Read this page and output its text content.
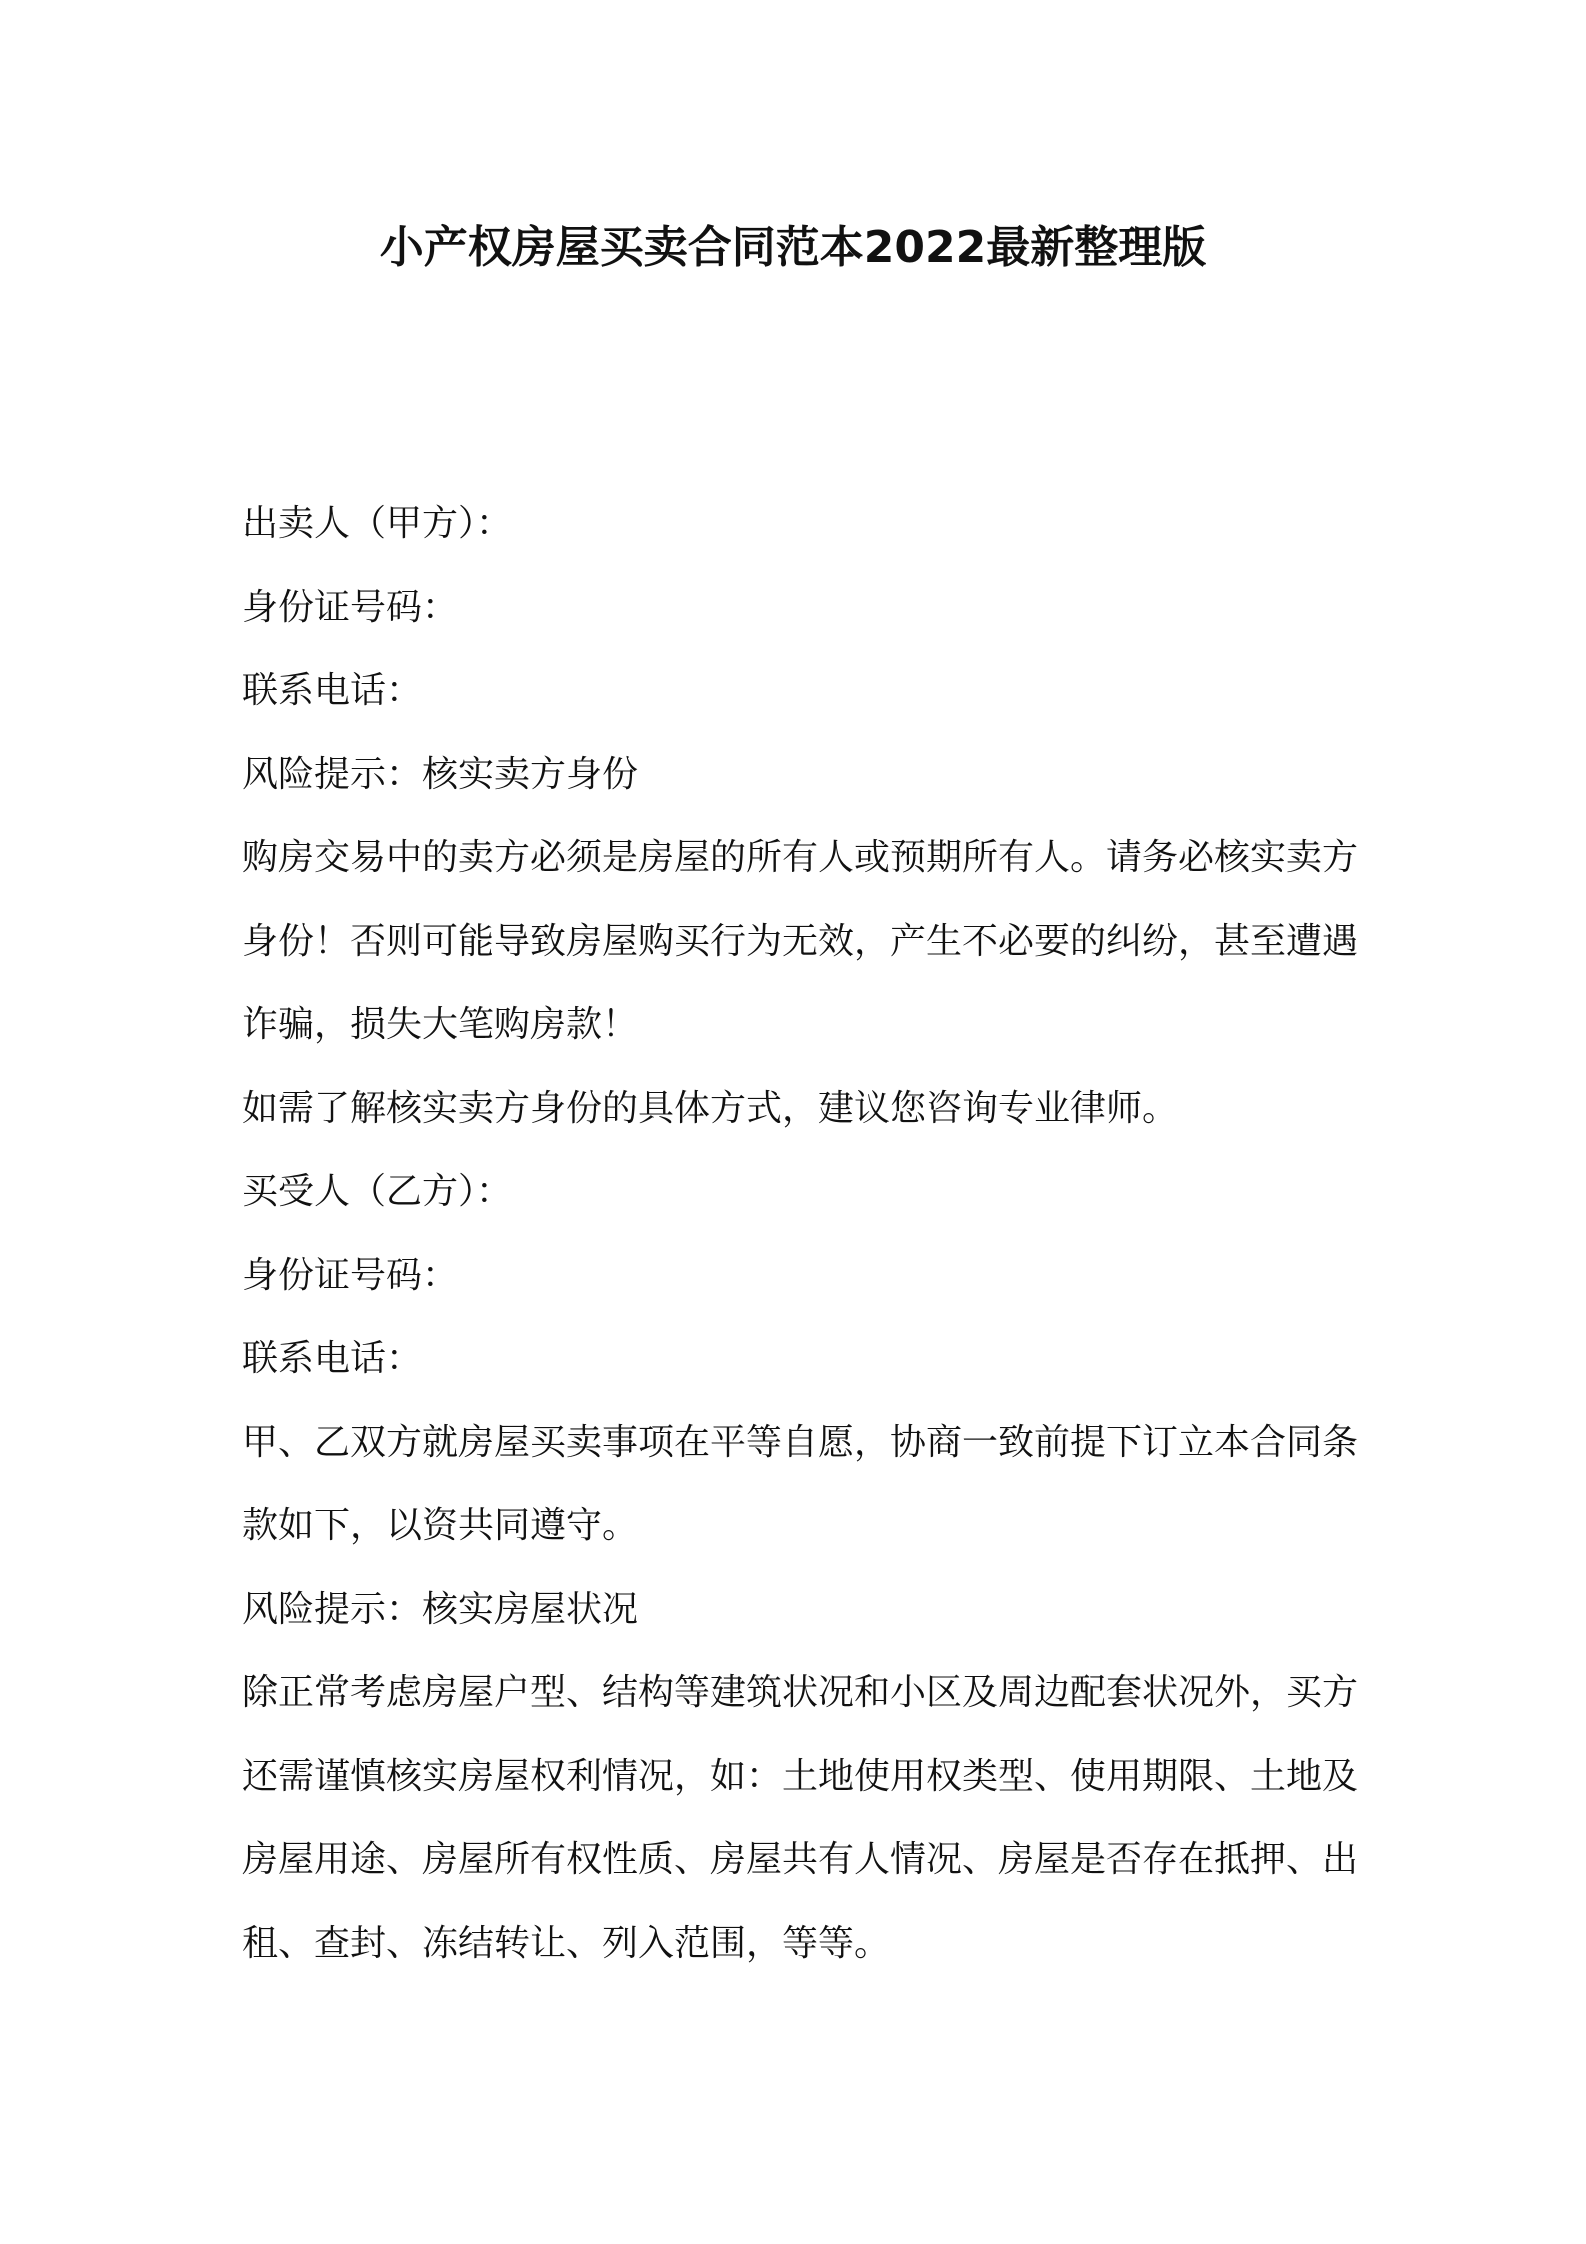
小产权房屋买卖合同范本2022最新整理版

出卖人（甲方）：

身份证号码：

联系电话：

风险提示：核实卖方身份

购房交易中的卖方必须是房屋的所有人或预期所有人。请务必核实卖方身份！否则可能导致房屋购买行为无效，产生不必要的纠纷，甚至遭遇诈骗，损失大笔购房款！

如需了解核实卖方身份的具体方式，建议您咨询专业律师。

买受人（乙方）：

身份证号码：

联系电话：

甲、乙双方就房屋买卖事项在平等自愿，协商一致前提下订立本合同条款如下，以资共同遵守。

风险提示：核实房屋状况

除正常考虑房屋户型、结构等建筑状况和小区及周边配套状况外，买方还需谨慎核实房屋权利情况，如：土地使用权类型、使用期限、土地及房屋用途、房屋所有权性质、房屋共有人情况、房屋是否存在抵押、出租、查封、冻结转让、列入范围，等等。
